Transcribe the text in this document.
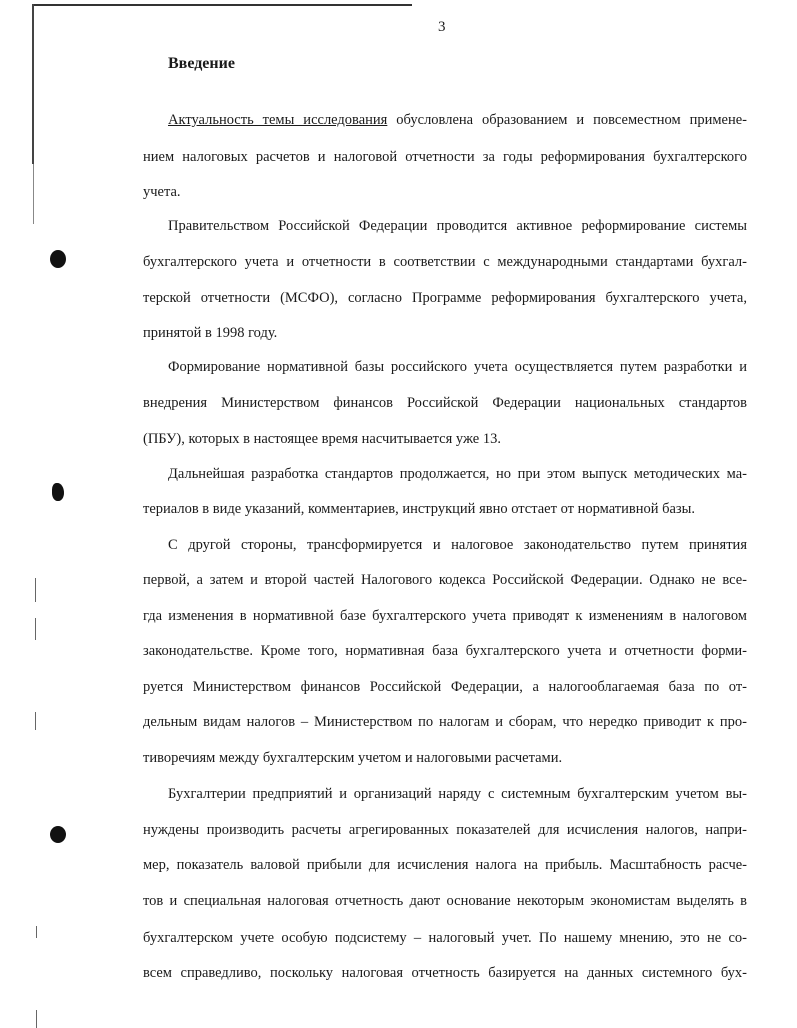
3
Введение
Актуальность темы исследования обусловлена образованием и повсеместном примене-
нием налоговых расчетов и налоговой отчетности за годы реформирования бухгалтерского
учета.
Правительством Российской Федерации проводится активное реформирование системы
бухгалтерского учета и отчетности в соответствии с международными стандартами бухгал-
терской отчетности (МСФО), согласно Программе реформирования бухгалтерского учета,
принятой в 1998 году.
Формирование нормативной базы российского учета осуществляется путем разработки и
внедрения Министерством финансов Российской Федерации национальных стандартов
(ПБУ), которых в настоящее время насчитывается уже 13.
Дальнейшая разработка стандартов продолжается, но при этом выпуск методических ма-
териалов в виде указаний, комментариев, инструкций явно отстает от нормативной базы.
С другой стороны, трансформируется и налоговое законодательство путем принятия
первой, а затем и второй частей Налогового кодекса Российской Федерации. Однако не все-
гда изменения в нормативной базе бухгалтерского учета приводят к изменениям в налоговом
законодательстве. Кроме того, нормативная база бухгалтерского учета и отчетности форми-
руется Министерством финансов Российской Федерации, а налогооблагаемая база по от-
дельным видам налогов – Министерством по налогам и сборам, что нередко приводит к про-
тиворечиям между бухгалтерским учетом и налоговыми расчетами.
Бухгалтерии предприятий и организаций наряду с системным бухгалтерским учетом вы-
нуждены производить расчеты агрегированных показателей для исчисления налогов, напри-
мер, показатель валовой прибыли для исчисления налога на прибыль. Масштабность расче-
тов и специальная налоговая отчетность дают основание некоторым экономистам выделять в
бухгалтерском учете особую подсистему – налоговый учет. По нашему мнению, это не со-
всем справедливо, поскольку налоговая отчетность базируется на данных системного бух-
